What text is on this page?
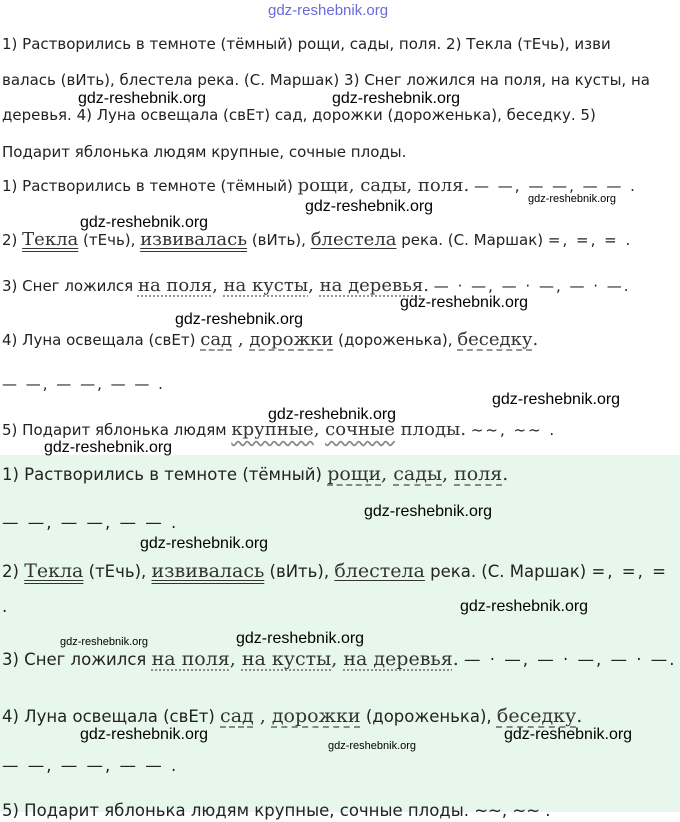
gdz-reshebnik.org
1) Растворились в темноте (тёмный) рощи, сады, поля. 2) Текла (тЕчь), изви
валась (вИть), блестела река. (С. Маршак) 3) Снег ложился на поля, на кусты, на
деревья. 4) Луна освещала (свЕт) сад, дорожки (дороженька), беседку. 5)
Подарит яблонька людям крупные, сочные плоды.
1) Растворились в темноте (тёмный) рощи, сады, поля. — —, — —, — — .
2) Текла (тЕчь), извивалась (вИть), блестела река. (С. Маршак) =, =, = .
3) Снег ложился на поля, на кусты, на деревья. — · —, — · —, — · —.
4) Луна освещала (свЕт) сад , дорожки (дороженька), беседку.
— —, — —, — — .
5) Подарит яблонька людям крупные, сочные плоды. ~~, ~~ .
1) Растворились в темноте (тёмный) рощи, сады, поля.
— —, — —, — — .
2) Текла (тЕчь), извивалась (вИть), блестела река. (С. Маршак) =, =, =
.
3) Снег ложился на поля, на кусты, на деревья. — · —, — · —, — · —.
4) Луна освещала (свЕт) сад , дорожки (дороженька), беседку.
— —, — —, — — .
5) Подарит яблонька людям крупные, сочные плоды. ~~, ~~ .
gdz-reshebnik.org	gdz-reshebnik.org
gdz-reshebnik.org
gdz-reshebnik.org
gdz-reshebnik.org
gdz-reshebnik.org
gdz-reshebnik.org
gdz-reshebnik.org
gdz-reshebnik.org
gdz-reshebnik.org
gdz-reshebnik.org
gdz-reshebnik.org
gdz-reshebnik.org
gdz-reshebnik.org	gdz-reshebnik.org
gdz-reshebnik.org
gdz-reshebnik.org
gdz-reshebnik.org
